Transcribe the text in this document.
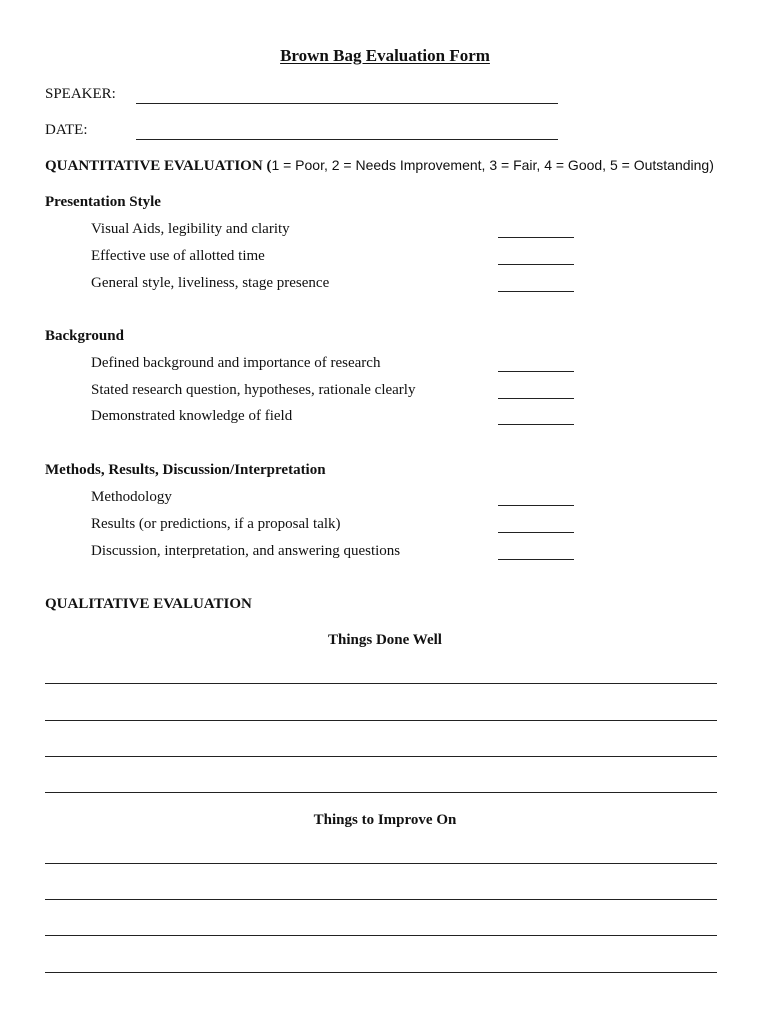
Brown Bag Evaluation Form
SPEAKER:
DATE:
QUANTITATIVE EVALUATION (1 = Poor, 2 = Needs Improvement, 3 = Fair, 4 = Good, 5 = Outstanding)
Presentation Style
Visual Aids, legibility and clarity
Effective use of allotted time
General style, liveliness, stage presence
Background
Defined background and importance of research
Stated research question, hypotheses, rationale clearly
Demonstrated knowledge of field
Methods, Results, Discussion/Interpretation
Methodology
Results (or predictions, if a proposal talk)
Discussion, interpretation, and answering questions
QUALITATIVE EVALUATION
Things Done Well
Things to Improve On
